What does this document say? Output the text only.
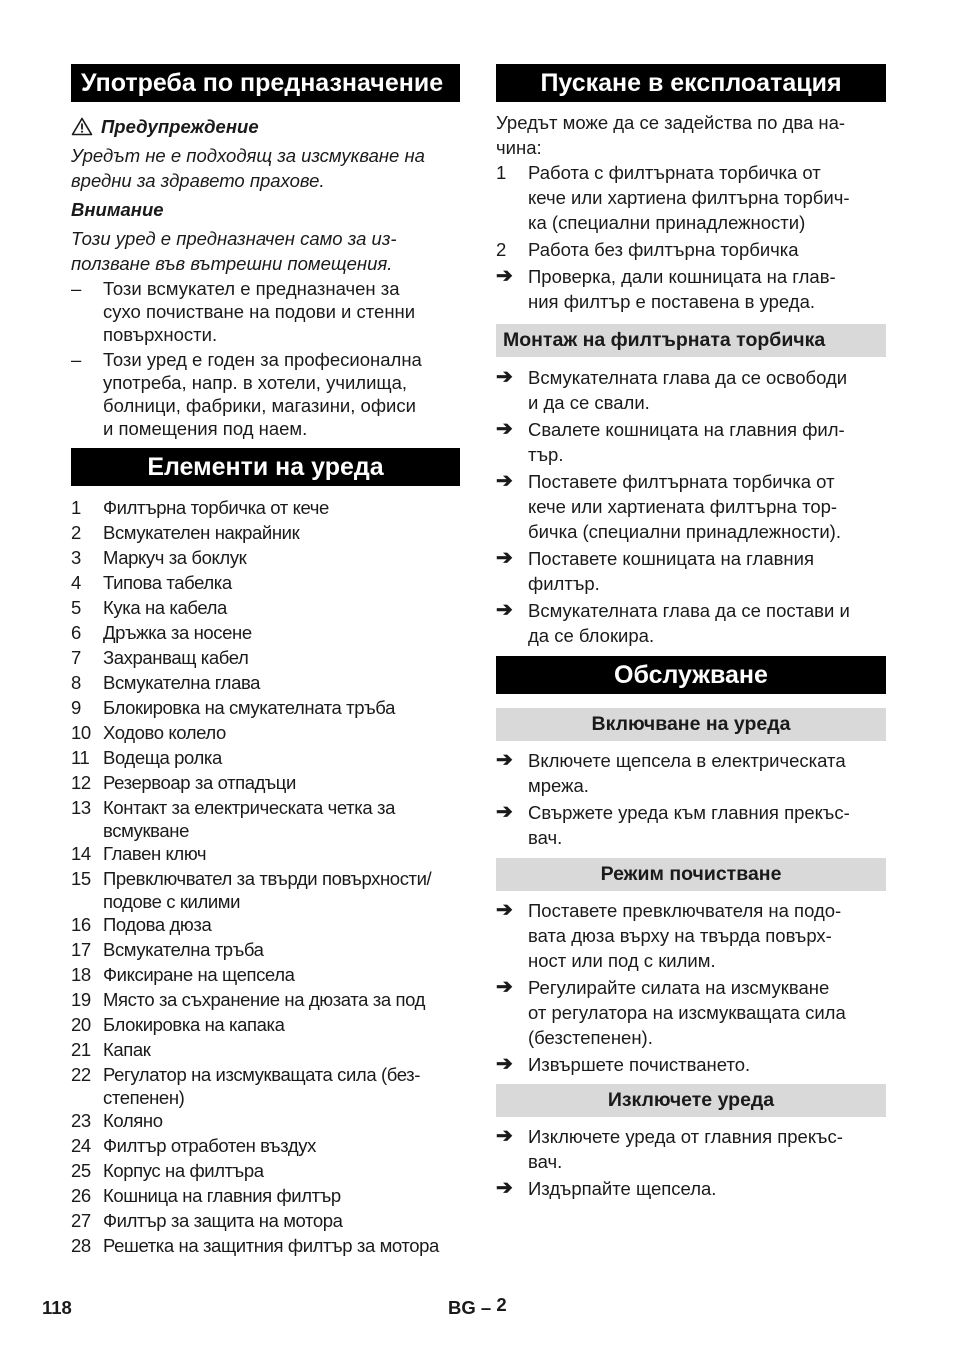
Употреба по предназначение
Предупреждение
Уредът не е подходящ за изсмукване на
вредни за здравето прахове.
Внимание
Този уред е предназначен само за из-
ползване във вътрешни помещения.
–	Този всмукател е предназначен за
сухо почистване на подови и стенни
повърхности.
–	Този уред е годен за професионална
употреба, напр. в хотели, училища,
болници, фабрики, магазини, офиси
и помещения под наем.
Елементи на уреда
1	Филтърна торбичка от кече
2	Всмукателен накрайник
3	Маркуч за боклук
4	Типова табелка
5	Кука на кабела
6	Дръжка за носене
7	Захранващ кабел
8	Всмукателна глава
9	Блокировка на смукателната тръба
10 Ходово колело
11 Водеща ролка
12 Резервоар за отпадъци
13 Контакт за електрическата четка за
всмукване
14 Главен ключ
15 Превключвател за твърди повърхности/
подове с килими
16 Подова дюза
17 Всмукателна тръба
18 Фиксиране на щепсела
19 Място за съхранение на дюзата за под
20 Блокировка на капака
21 Капак
22 Регулатор на изсмукващата сила (без-
степенен)
23 Коляно
24 Филтър отработен въздух
25 Корпус на филтъра
26 Кошница на главния филтър
27 Филтър за защита на мотора
28 Решетка на защитния филтър за мотора
Пускане в експлоатация
Уредът може да се задейства по два на-
чина:
1	Работа с филтърната торбичка от
кече или хартиена филтърна торбич-
ка (специални принадлежности)
2	Работа без филтърна торбичка
➔ Проверка, дали кошницата на глав-
ния филтър е поставена в уреда.
Монтаж на филтърната торбичка
➔ Всмукателната глава да се освободи
и да се свали.
➔ Свалете кошницата на главния фил-
тър.
➔ Поставете филтърната торбичка от
кече или хартиената филтърна тор-
бичка (специални принадлежности).
➔ Поставете кошницата на главния
филтър.
➔ Всмукателната глава да се постави и
да се блокира.
Обслужване
Включване на уреда
➔ Включете щепсела в електрическата
мрежа.
➔ Свържете уреда към главния прекъс-
вач.
Режим почистване
➔ Поставете превключвателя на подо-
вата дюза върху на твърда повърх-
ност или под с килим.
➔ Регулирайте силата на изсмукване
от регулатора на изсмукващата сила
(безстепенен).
➔ Извършете почистването.
Изключете уреда
➔ Изключете уреда от главния прекъс-
вач.
➔ Издърпайте щепсела.
118	BG – 2
